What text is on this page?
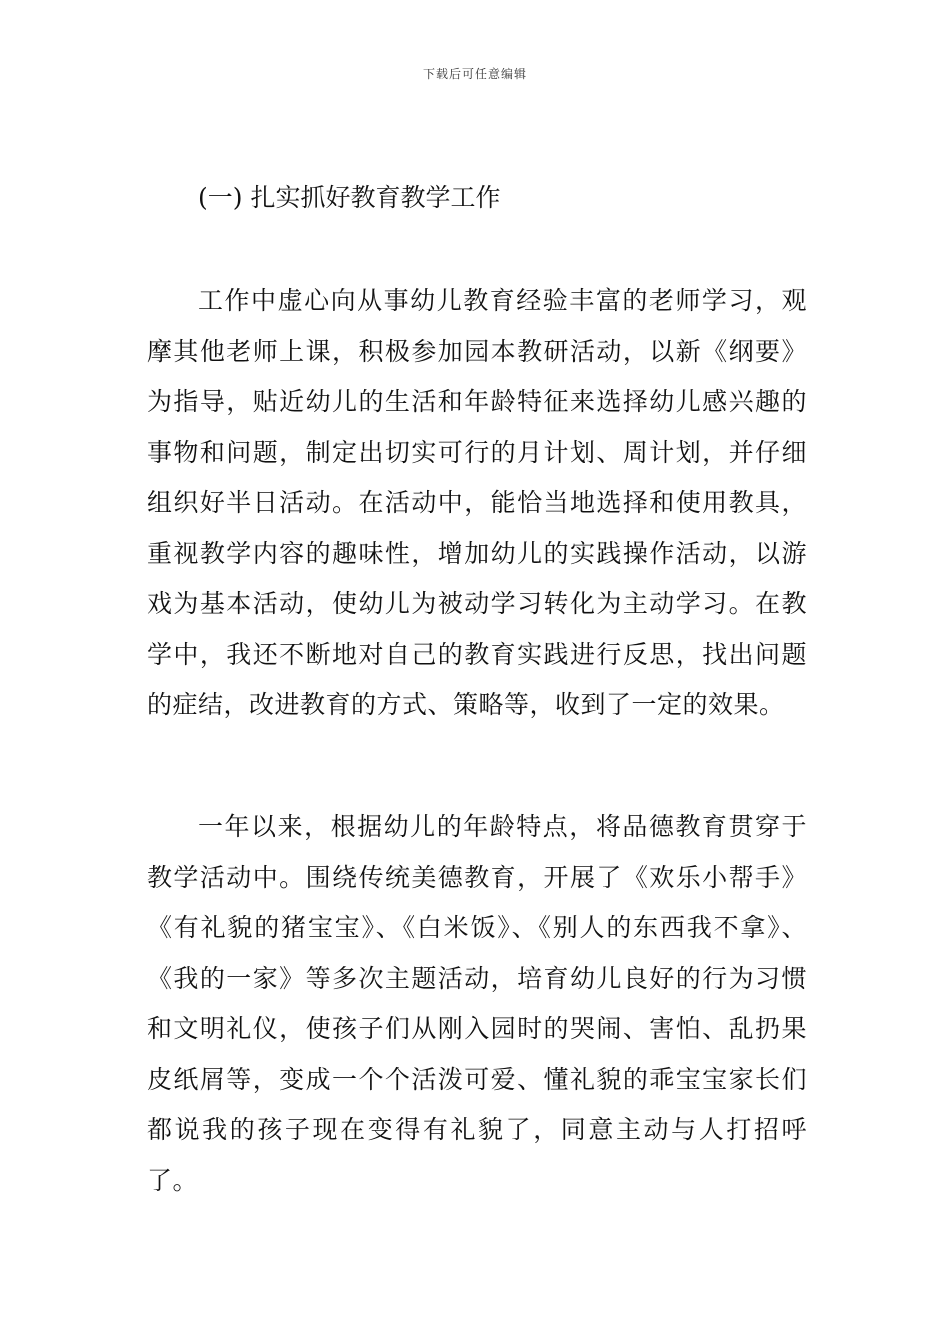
下载后可任意编辑
(一) 扎实抓好教育教学工作

工作中虚心向从事幼儿教育经验丰富的老师学习，观摩其他老师上课，积极参加园本教研活动，以新《纲要》为指导，贴近幼儿的生活和年龄特征来选择幼儿感兴趣的事物和问题，制定出切实可行的月计划、周计划，并仔细组织好半日活动。在活动中，能恰当地选择和使用教具，重视教学内容的趣味性，增加幼儿的实践操作活动，以游戏为基本活动，使幼儿为被动学习转化为主动学习。在教学中，我还不断地对自己的教育实践进行反思，找出问题的症结，改进教育的方式、策略等，收到了一定的效果。

一年以来，根据幼儿的年龄特点，将品德教育贯穿于教学活动中。围绕传统美德教育，开展了《欢乐小帮手》《有礼貌的猪宝宝》、《白米饭》、《别人的东西我不拿》、《我的一家》等多次主题活动，培育幼儿良好的行为习惯和文明礼仪，使孩子们从刚入园时的哭闹、害怕、乱扔果皮纸屑等，变成一个个活泼可爱、懂礼貌的乖宝宝家长们都说我的孩子现在变得有礼貌了，同意主动与人打招呼了。
